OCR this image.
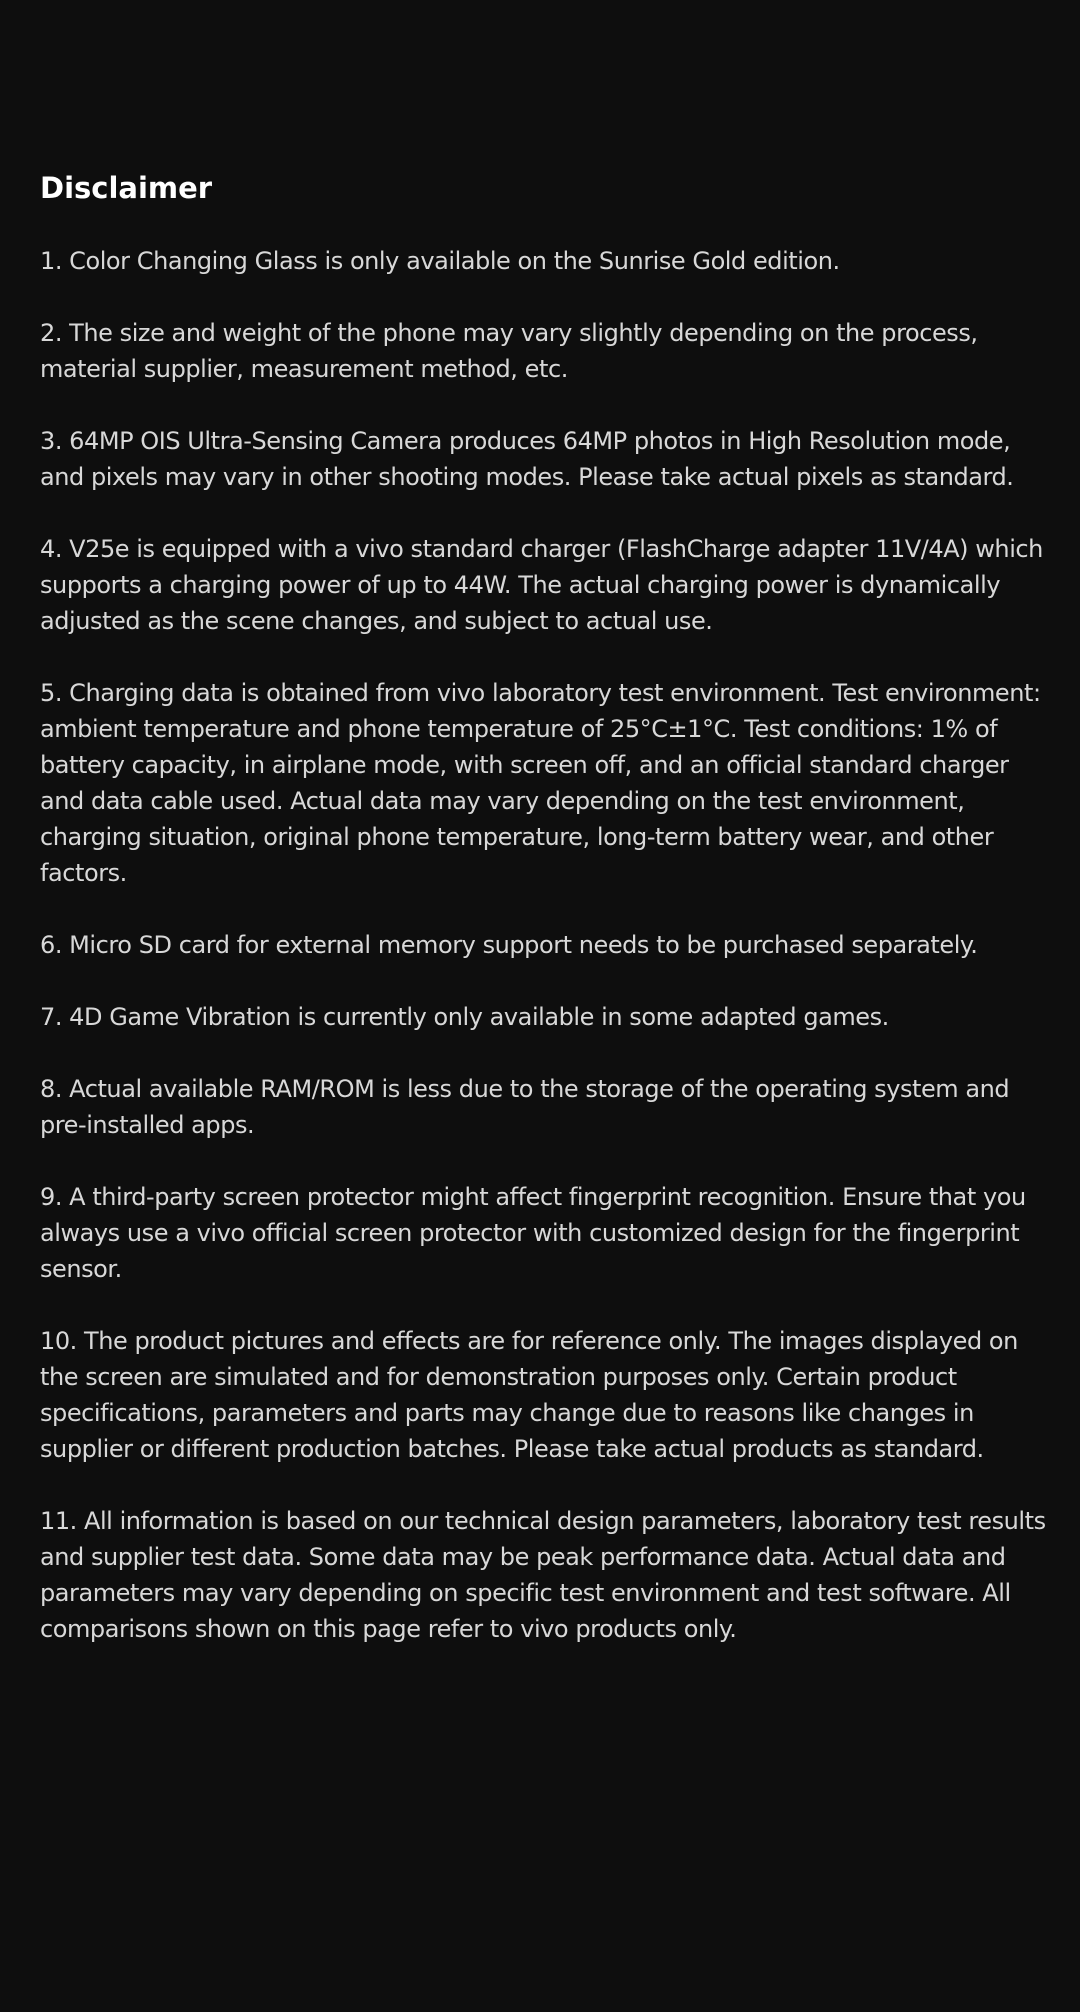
Disclaimer

1. Color Changing Glass is only available on the Sunrise Gold edition.

2. The size and weight of the phone may vary slightly depending on the process, material supplier, measurement method, etc.

3. 64MP OIS Ultra-Sensing Camera produces 64MP photos in High Resolution mode, and pixels may vary in other shooting modes. Please take actual pixels as standard.

4. V25e is equipped with a vivo standard charger (FlashCharge adapter 11V/4A) which supports a charging power of up to 44W. The actual charging power is dynamically adjusted as the scene changes, and subject to actual use.

5. Charging data is obtained from vivo laboratory test environment. Test environment: ambient temperature and phone temperature of 25°C±1°C. Test conditions: 1% of battery capacity, in airplane mode, with screen off, and an official standard charger and data cable used. Actual data may vary depending on the test environment, charging situation, original phone temperature, long-term battery wear, and other factors.

6. Micro SD card for external memory support needs to be purchased separately.

7. 4D Game Vibration is currently only available in some adapted games.

8. Actual available RAM/ROM is less due to the storage of the operating system and pre-installed apps.

9. A third-party screen protector might affect fingerprint recognition. Ensure that you always use a vivo official screen protector with customized design for the fingerprint sensor.

10. The product pictures and effects are for reference only. The images displayed on the screen are simulated and for demonstration purposes only. Certain product specifications, parameters and parts may change due to reasons like changes in supplier or different production batches. Please take actual products as standard.

11. All information is based on our technical design parameters, laboratory test results and supplier test data. Some data may be peak performance data. Actual data and parameters may vary depending on specific test environment and test software. All comparisons shown on this page refer to vivo products only.
